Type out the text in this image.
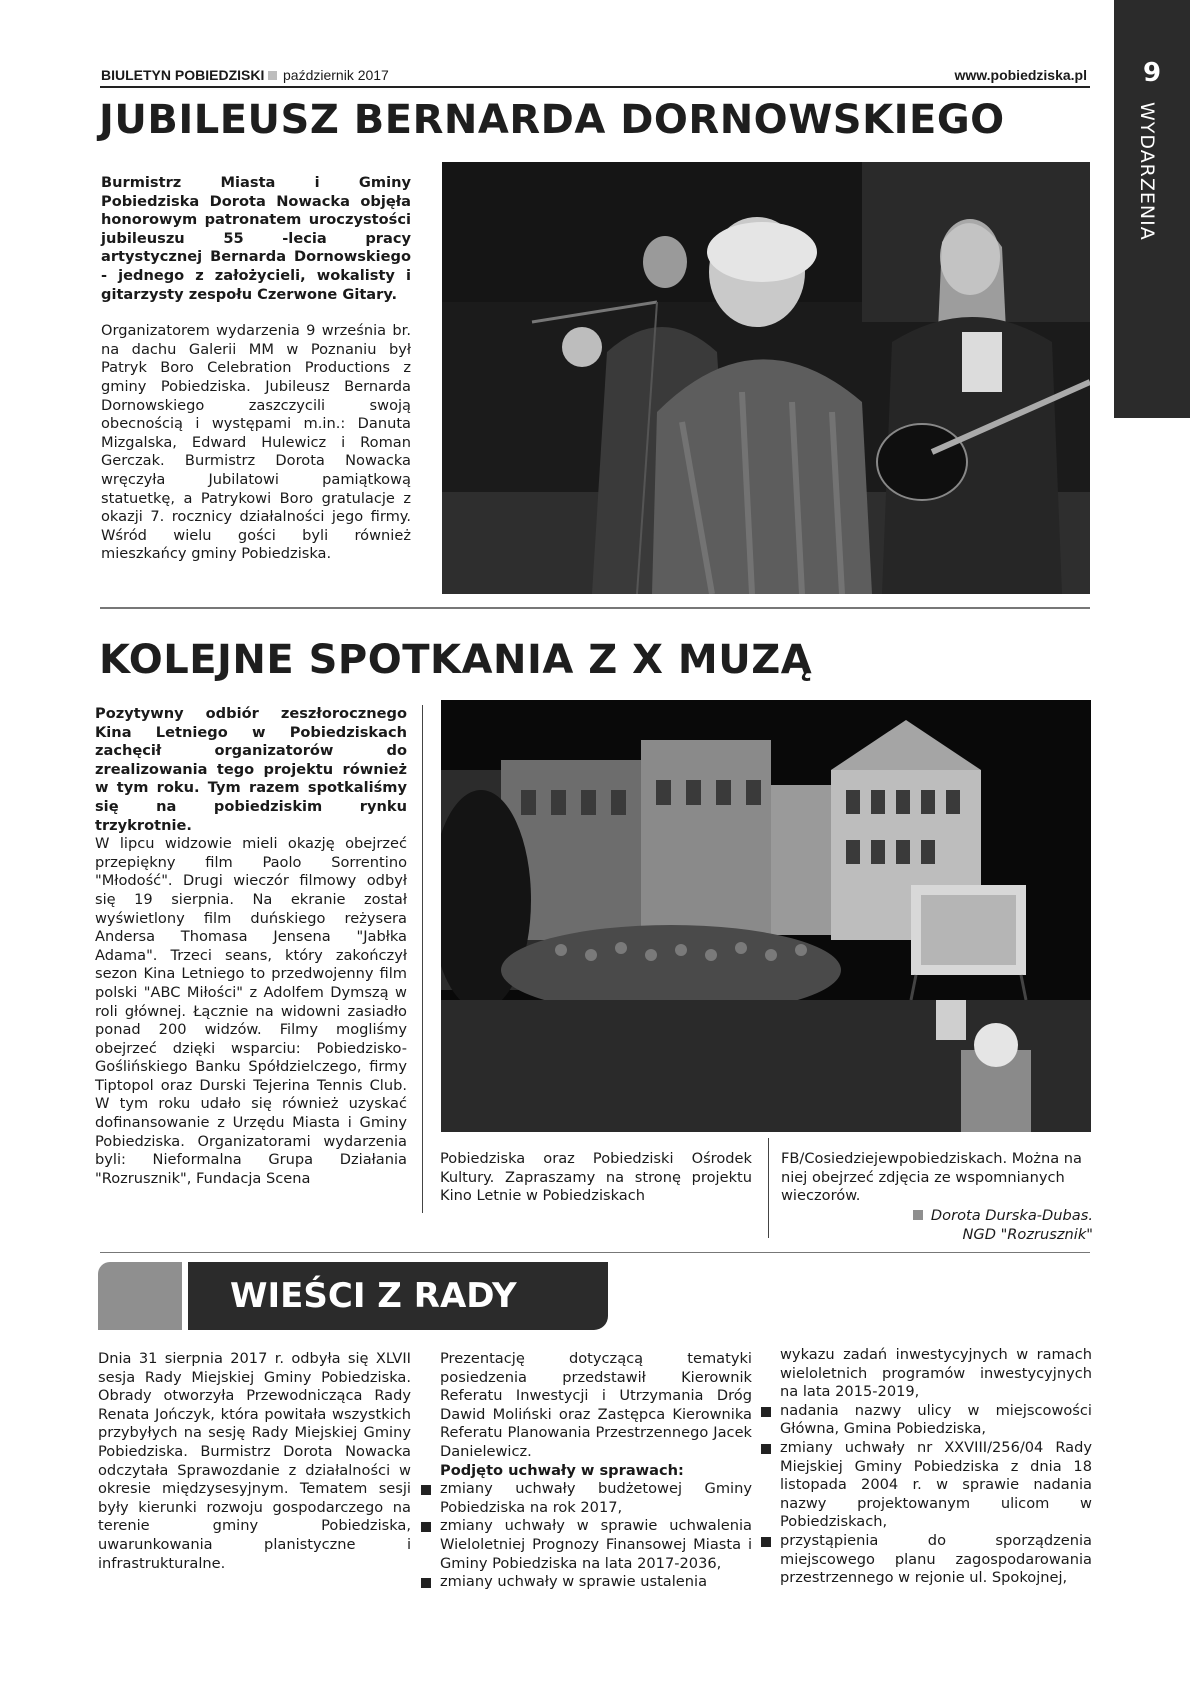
BIULETYN POBIEDZISKI październik 2017	www.pobiedziska.pl	9
WYDARZENIA
JUBILEUSZ BERNARDA DORNOWSKIEGO

Burmistrz Miasta i Gminy Pobiedziska Dorota Nowacka objęła honorowym patronatem uroczystości jubileuszu 55 -lecia pracy artystycznej Bernarda Dornowskiego - jednego z założycieli, wokalisty i gitarzysty zespołu Czerwone Gitary.

Organizatorem wydarzenia 9 września br. na dachu Galerii MM w Poznaniu był Patryk Boro Celebration Productions z gminy Pobiedziska. Jubileusz Bernarda Dornowskiego zaszczycili swoją obecnością i występami m.in.: Danuta Mizgalska, Edward Hulewicz i Roman Gerczak. Burmistrz Dorota Nowacka wręczyła Jubilatowi pamiątkową statuetkę, a Patrykowi Boro gratulacje z okazji 7. rocznicy działalności jego firmy. Wśród wielu gości byli również mieszkańcy gminy Pobiedziska.

KOLEJNE SPOTKANIA Z X MUZĄ

Pozytywny odbiór zeszłorocznego Kina Letniego w Pobiedziskach zachęcił organizatorów do zrealizowania tego projektu również w tym roku. Tym razem spotkaliśmy się na pobiedziskim rynku trzykrotnie.

W lipcu widzowie mieli okazję obejrzeć przepiękny film Paolo Sorrentino "Młodość". Drugi wieczór filmowy odbył się 19 sierpnia. Na ekranie został wyświetlony film duńskiego reżysera Andersa Thomasa Jensena "Jabłka Adama". Trzeci seans, który zakończył sezon Kina Letniego to przedwojenny film polski "ABC Miłości" z Adolfem Dymszą w roli głównej. Łącznie na widowni zasiadło ponad 200 widzów. Filmy mogliśmy obejrzeć dzięki wsparciu: Pobiedzisko-Goślińskiego Banku Spółdzielczego, firmy Tiptopol oraz Durski Tejerina Tennis Club. W tym roku udało się również uzyskać dofinansowanie z Urzędu Miasta i Gminy Pobiedziska. Organizatorami wydarzenia byli: Nieformalna Grupa Działania "Rozrusznik", Fundacja Scena

Pobiedziska oraz Pobiedziski Ośrodek Kultury. Zapraszamy na stronę projektu Kino Letnie w Pobiedziskach
FB/Cosiedziejewpobiedziskach. Można na niej obejrzeć zdjęcia ze wspomnianych wieczorów.
Dorota Durska-Dubas.
NGD "Rozrusznik"
WIEŚCI Z RADY
Dnia 31 sierpnia 2017 r. odbyła się XLVII sesja Rady Miejskiej Gminy Pobiedziska. Obrady otworzyła Przewodnicząca Rady Renata Jończyk, która powitała wszystkich przybyłych na sesję Rady Miejskiej Gminy Pobiedziska. Burmistrz Dorota Nowacka odczytała Sprawozdanie z działalności w okresie międzysesyjnym. Tematem sesji były kierunki rozwoju gospodarczego na terenie gminy Pobiedziska, uwarunkowania planistyczne i infrastrukturalne.

Prezentację dotyczącą tematyki posiedzenia przedstawił Kierownik Referatu Inwestycji i Utrzymania Dróg Dawid Moliński oraz Zastępca Kierownika Referatu Planowania Przestrzennego Jacek Danielewicz.

Podjęto uchwały w sprawach:

zmiany uchwały budżetowej Gminy Pobiedziska na rok 2017,
zmiany uchwały w sprawie uchwalenia Wieloletniej Prognozy Finansowej Miasta i Gminy Pobiedziska na lata 2017-2036,
zmiany uchwały w sprawie ustalenia

wykazu zadań inwestycyjnych w ramach wieloletnich programów inwestycyjnych na lata 2015-2019,

nadania nazwy ulicy w miejscowości Główna, Gmina Pobiedziska,
zmiany uchwały nr XXVIII/256/04 Rady Miejskiej Gminy Pobiedziska z dnia 18 listopada 2004 r. w sprawie nadania nazwy projektowanym ulicom w Pobiedziskach,
przystąpienia do sporządzenia miejscowego planu zagospodarowania przestrzennego w rejonie ul. Spokojnej,
